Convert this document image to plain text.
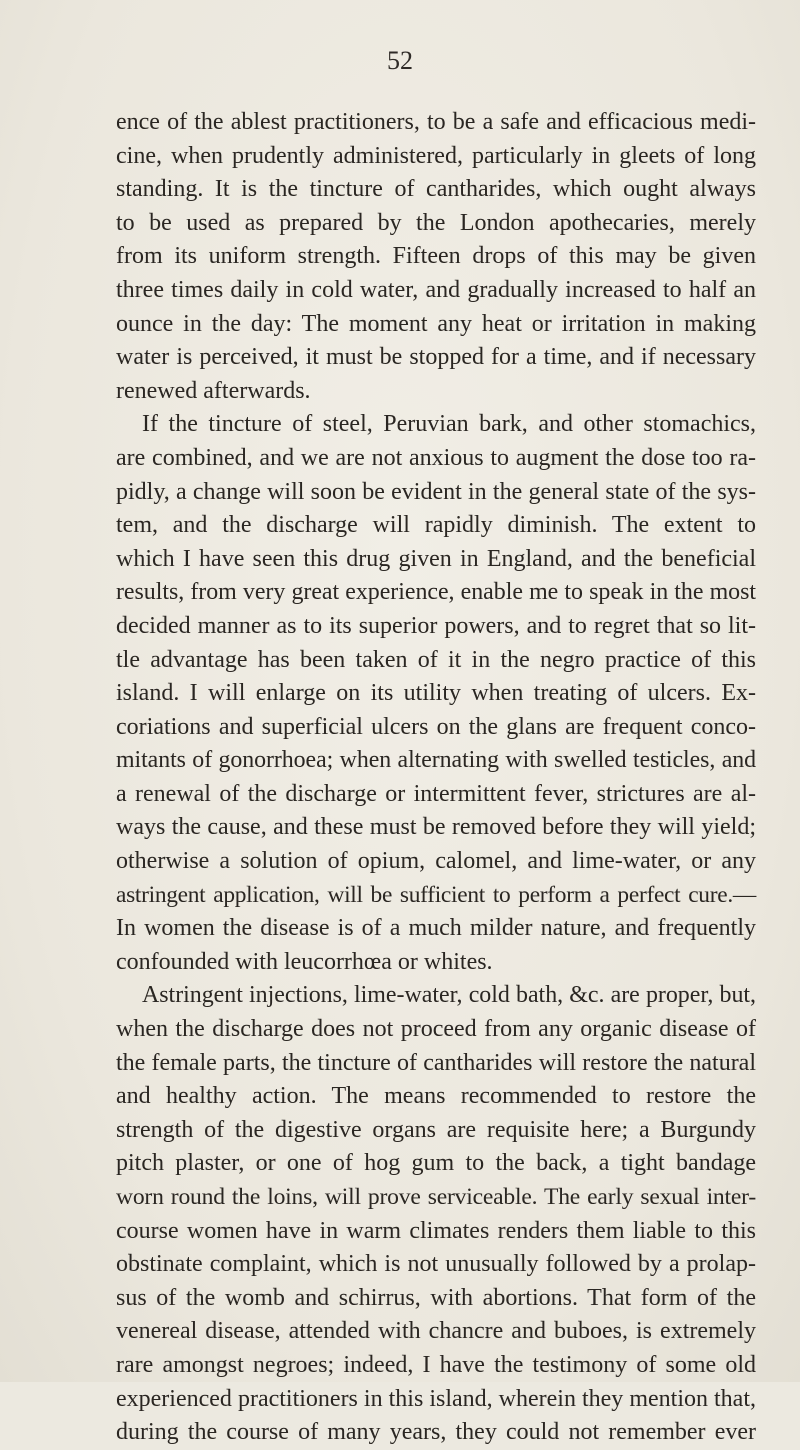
52
ence of the ablest practitioners, to be a safe and efficacious medi-
cine, when prudently administered, particularly in gleets of long
standing. It is the tincture of cantharides, which ought always
to be used as prepared by the London apothecaries, merely
from its uniform strength. Fifteen drops of this may be given
three times daily in cold water, and gradually increased to half an
ounce in the day: The moment any heat or irritation in making
water is perceived, it must be stopped for a time, and if necessary
renewed afterwards.
If the tincture of steel, Peruvian bark, and other stomachics,
are combined, and we are not anxious to augment the dose too ra-
pidly, a change will soon be evident in the general state of the sys-
tem, and the discharge will rapidly diminish. The extent to
which I have seen this drug given in England, and the beneficial
results, from very great experience, enable me to speak in the most
decided manner as to its superior powers, and to regret that so lit-
tle advantage has been taken of it in the negro practice of this
island. I will enlarge on its utility when treating of ulcers. Ex-
coriations and superficial ulcers on the glans are frequent conco-
mitants of gonorrhoea; when alternating with swelled testicles, and
a renewal of the discharge or intermittent fever, strictures are al-
ways the cause, and these must be removed before they will yield;
otherwise a solution of opium, calomel, and lime-water, or any
astringent application, will be sufficient to perform a perfect cure.—
In women the disease is of a much milder nature, and frequently
confounded with leucorrhœa or whites.
Astringent injections, lime-water, cold bath, &c. are proper, but,
when the discharge does not proceed from any organic disease of
the female parts, the tincture of cantharides will restore the natural
and healthy action. The means recommended to restore the
strength of the digestive organs are requisite here; a Burgundy
pitch plaster, or one of hog gum to the back, a tight bandage
worn round the loins, will prove serviceable. The early sexual inter-
course women have in warm climates renders them liable to this
obstinate complaint, which is not unusually followed by a prolap-
sus of the womb and schirrus, with abortions. That form of the
venereal disease, attended with chancre and buboes, is extremely
rare amongst negroes; indeed, I have the testimony of some old
experienced practitioners in this island, wherein they mention that,
during the course of many years, they could not remember ever
